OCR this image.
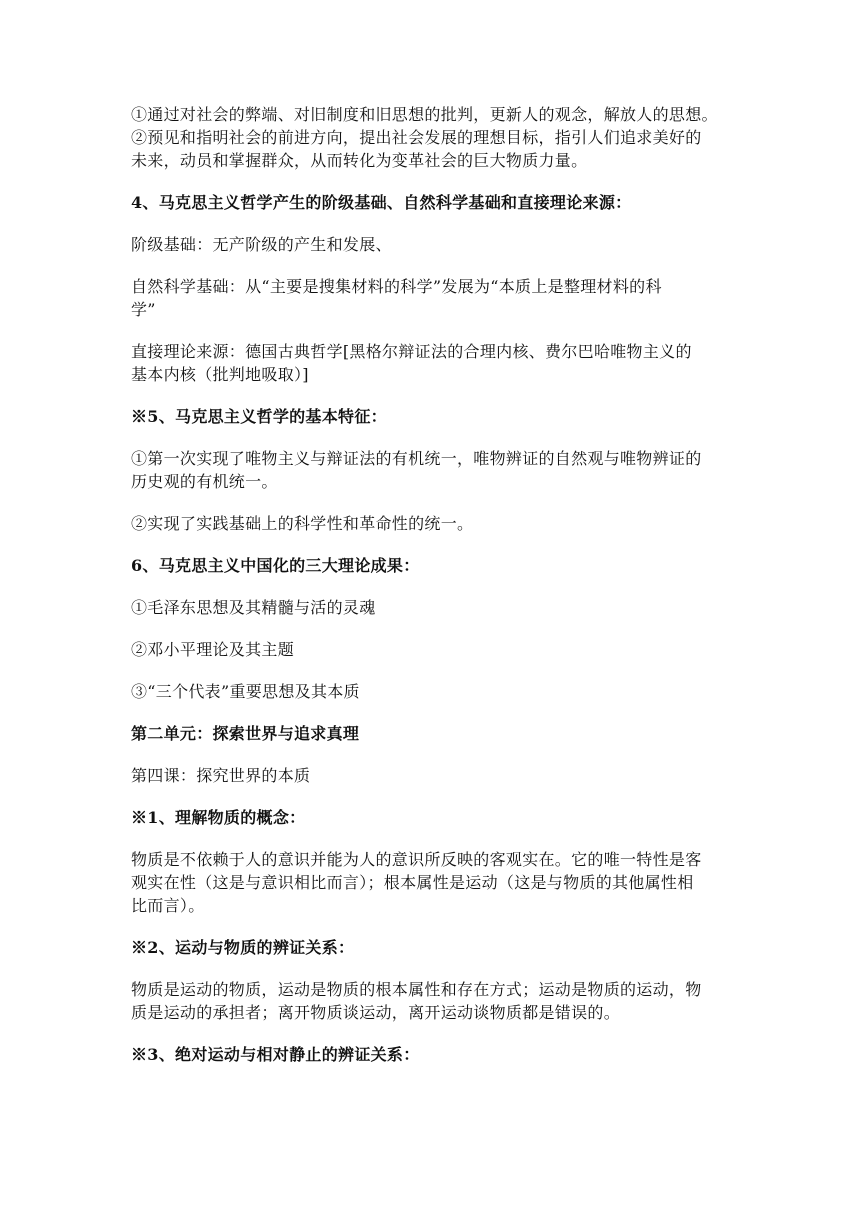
①通过对社会的弊端、对旧制度和旧思想的批判，更新人的观念，解放人的思想。
②预见和指明社会的前进方向，提出社会发展的理想目标，指引人们追求美好的
未来，动员和掌握群众，从而转化为变革社会的巨大物质力量。

4、马克思主义哲学产生的阶级基础、自然科学基础和直接理论来源：

阶级基础：无产阶级的产生和发展、

自然科学基础：从“主要是搜集材料的科学”发展为“本质上是整理材料的科
学”

直接理论来源：德国古典哲学[黑格尔辩证法的合理内核、费尔巴哈唯物主义的
基本内核（批判地吸取）]

※5、马克思主义哲学的基本特征：

①第一次实现了唯物主义与辩证法的有机统一，唯物辨证的自然观与唯物辨证的
历史观的有机统一。

②实现了实践基础上的科学性和革命性的统一。

6、马克思主义中国化的三大理论成果：

①毛泽东思想及其精髓与活的灵魂

②邓小平理论及其主题

③“三个代表”重要思想及其本质

第二单元：探索世界与追求真理

第四课：探究世界的本质

※1、理解物质的概念：

物质是不依赖于人的意识并能为人的意识所反映的客观实在。它的唯一特性是客
观实在性（这是与意识相比而言）；根本属性是运动（这是与物质的其他属性相
比而言）。

※2、运动与物质的辨证关系：

物质是运动的物质，运动是物质的根本属性和存在方式；运动是物质的运动，物
质是运动的承担者；离开物质谈运动，离开运动谈物质都是错误的。

※3、绝对运动与相对静止的辨证关系：
